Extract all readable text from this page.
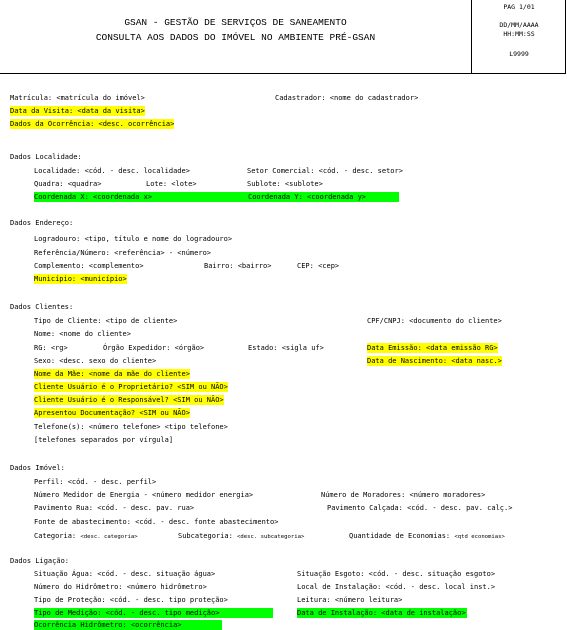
GSAN - GESTÃO DE SERVIÇOS DE SANEAMENTO
CONSULTA AOS DADOS DO IMÓVEL NO AMBIENTE PRÉ-GSAN
PAG 1/01
DD/MM/AAAA
HH:MM:SS
L9999
Matrícula: <matrícula do imóvel>	Cadastrador: <nome do cadastrador>
Data da Visita: <data da visita>
Dados da Ocorrência: <desc. ocorrência>
Dados Localidade:
Localidade: <cód. - desc. localidade>	Setor Comercial: <cód. - desc. setor>
Quadra: <quadra>	Lote: <lote>	Sublote: <sublote>
Coordenada X: <coordenada x>	Coordenada Y: <coordenada y>
Dados Endereço:
Logradouro: <tipo, título e nome do logradouro>
Referência/Número: <referência> - <número>
Complemento: <complemento>	Bairro: <bairro>	CEP: <cep>
Município: <município>
Dados Clientes:
Tipo de Cliente: <tipo de cliente>	CPF/CNPJ: <documento do cliente>
Nome: <nome do cliente>
RG: <rg>	Órgão Expedidor: <órgão>	Estado: <sigla uf>	Data Emissão: <data emissão RG>
Sexo: <desc. sexo do cliente>	Data de Nascimento: <data nasc.>
Nome da Mãe: <nome da mãe do cliente>
Cliente Usuário é o Proprietário? <SIM ou NÃO>
Cliente Usuário é o Responsável? <SIM ou NÃO>
Apresentou Documentação? <SIM ou NÃO>
Telefone(s): <número telefone> <tipo telefone>
[telefones separados por vírgula]
Dados Imóvel:
Perfil: <cód. - desc. perfil>
Número Medidor de Energia - <número medidor energia>	Número de Moradores: <número moradores>
Pavimento Rua: <cód. - desc. pav. rua>	Pavimento Calçada: <cód. - desc. pav. calç.>
Fonte de abastecimento: <cód. - desc. fonte abastecimento>
Categoria: <desc. categoria>	Subcategoria: <desc. subcategoria>	Quantidade de Economias: <qtd economias>
Dados Ligação:
Situação Água: <cód. - desc. situação água>	Situação Esgoto: <cód. - desc. situação esgoto>
Número do Hidrômetro: <número hidrômetro>	Local de Instalação: <cód. - desc. local inst.>
Tipo de Proteção: <cód. - desc. tipo proteção>	Leitura: <número leitura>
Tipo de Medição: <cód. - desc. tipo medição>	Data de Instalação: <data de instalação>
Ocorrência Hidrômetro: <ocorrência>
